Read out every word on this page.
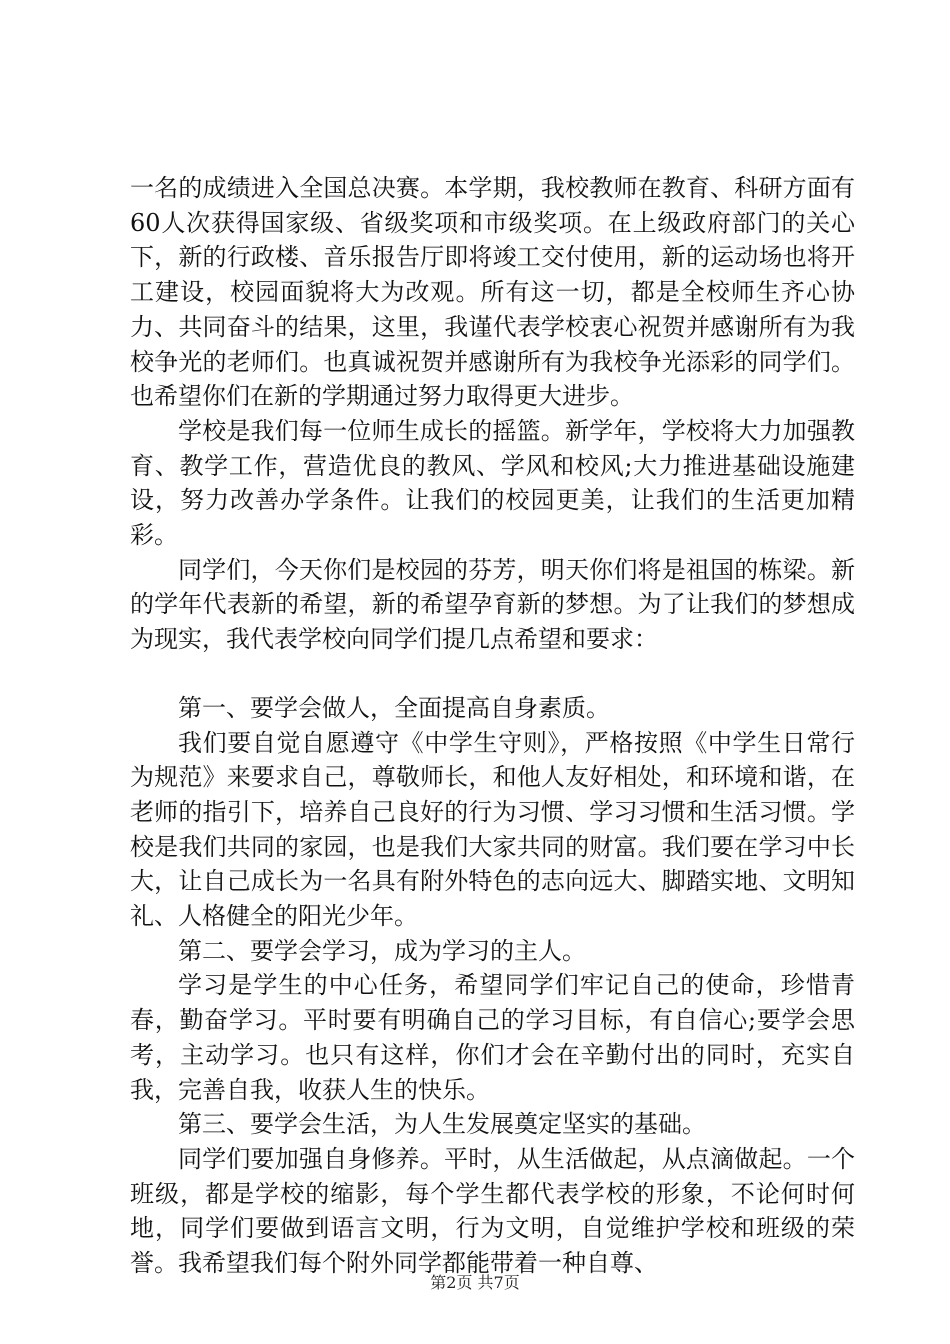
一名的成绩进入全国总决赛。本学期，我校教师在教育、科研方面有60人次获得国家级、省级奖项和市级奖项。在上级政府部门的关心下，新的行政楼、音乐报告厅即将竣工交付使用，新的运动场也将开工建设，校园面貌将大为改观。所有这一切，都是全校师生齐心协力、共同奋斗的结果，这里，我谨代表学校衷心祝贺并感谢所有为我校争光的老师们。也真诚祝贺并感谢所有为我校争光添彩的同学们。也希望你们在新的学期通过努力取得更大进步。

学校是我们每一位师生成长的摇篮。新学年，学校将大力加强教育、教学工作，营造优良的教风、学风和校风;大力推进基础设施建设，努力改善办学条件。让我们的校园更美，让我们的生活更加精彩。

同学们，今天你们是校园的芬芳，明天你们将是祖国的栋梁。新的学年代表新的希望，新的希望孕育新的梦想。为了让我们的梦想成为现实，我代表学校向同学们提几点希望和要求：

第一、要学会做人，全面提高自身素质。

我们要自觉自愿遵守《中学生守则》，严格按照《中学生日常行为规范》来要求自己，尊敬师长，和他人友好相处，和环境和谐，在老师的指引下，培养自己良好的行为习惯、学习习惯和生活习惯。学校是我们共同的家园，也是我们大家共同的财富。我们要在学习中长大，让自己成长为一名具有附外特色的志向远大、脚踏实地、文明知礼、人格健全的阳光少年。

第二、要学会学习，成为学习的主人。

学习是学生的中心任务，希望同学们牢记自己的使命，珍惜青春，勤奋学习。平时要有明确自己的学习目标，有自信心;要学会思考，主动学习。也只有这样，你们才会在辛勤付出的同时，充实自我，完善自我，收获人生的快乐。

第三、要学会生活，为人生发展奠定坚实的基础。

同学们要加强自身修养。平时，从生活做起，从点滴做起。一个班级，都是学校的缩影，每个学生都代表学校的形象，不论何时何地，同学们要做到语言文明，行为文明，自觉维护学校和班级的荣誉。我希望我们每个附外同学都能带着一种自尊、

第2页 共7页
